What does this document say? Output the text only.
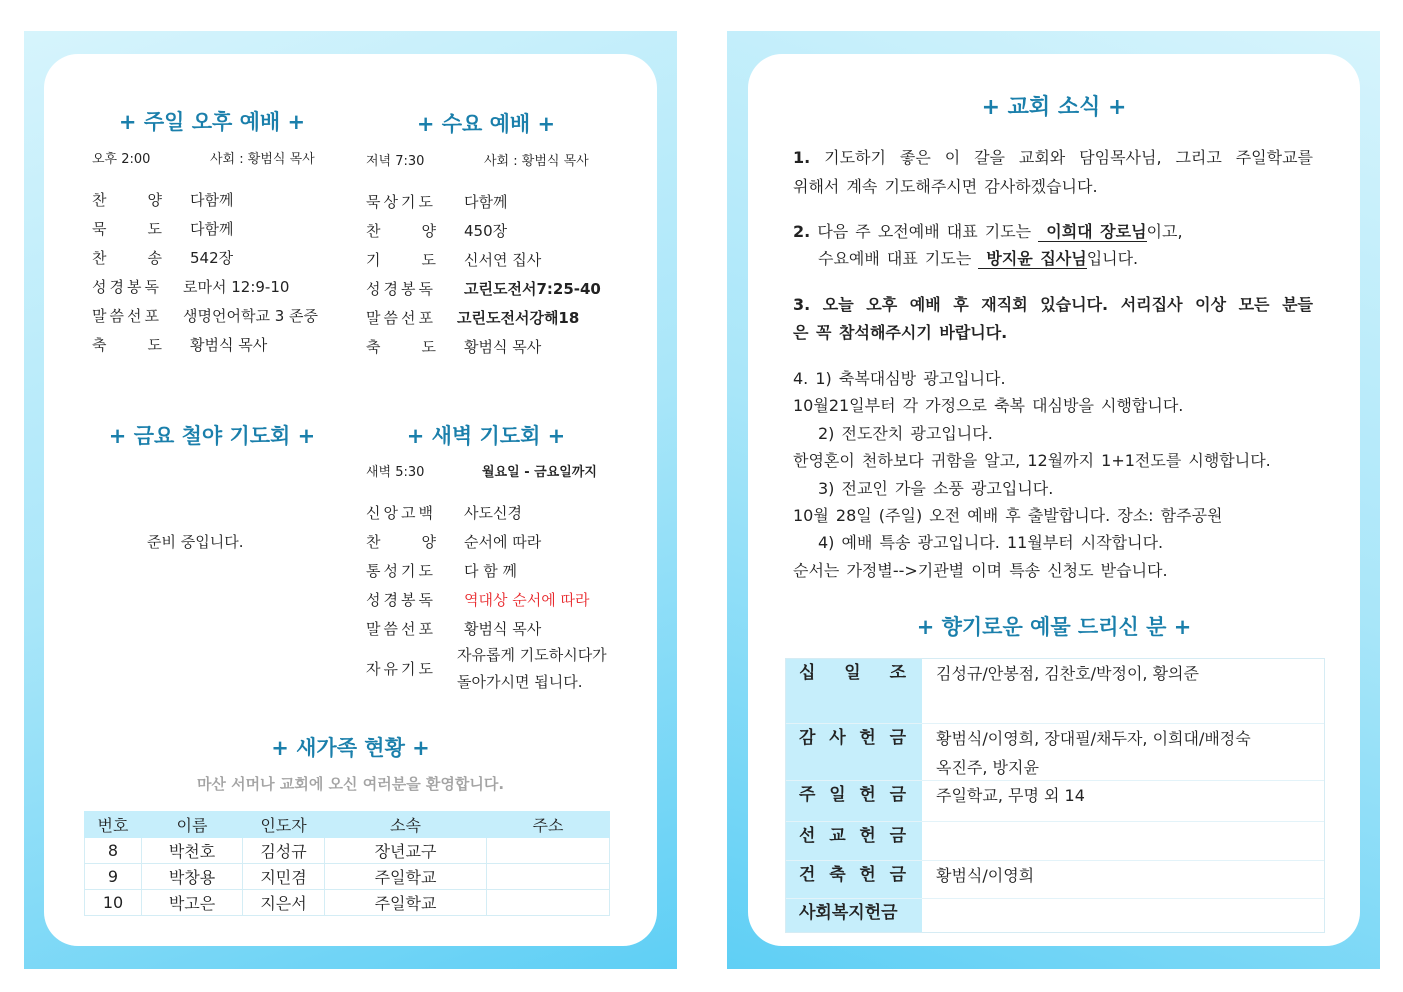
+ 주일 오후 예배 +
오후 2:00	사회 : 황범식 목사
찬 양 다함께
묵 도 다함께
찬 송 542장
성경봉독 로마서 12:9-10
말씀선포 생명언어학교 3 존중
축 도 황범식 목사
+ 수요 예배 +
저녁 7:30	사회 : 황범식 목사
묵상기도 다함께
찬 양 450장
기 도 신서연 집사
성경봉독 고린도전서7:25-40
말씀선포 고린도전서강해18
축 도 황범식 목사
+ 금요 철야 기도회 +
준비 중입니다.
+ 새벽 기도회 +
새벽 5:30	월요일 - 금요일까지
신앙고백 사도신경
찬 양 순서에 따라
통성기도 다 함 께
성경봉독 역대상 순서에 따라
말씀선포 황범식 목사
자유기도
자유롭게 기도하시다가
돌아가시면 됩니다.
+ 새가족 현황 +
마산 서머나 교회에 오신 여러분을 환영합니다.
번호	이름	인도자	소속	주소
8	박천호	김성규	장년교구	
9	박창용	지민겸	주일학교	
10	박고은	지은서	주일학교	
+ 교회 소식 +
1. 기도하기 좋은 이 갈을 교회와 담임목사님, 그리고 주일학교를
위해서 계속 기도해주시면 감사하겠습니다.
2. 다음 주 오전예배 대표 기도는 이희대 장로님이고,
수요예배 대표 기도는 방지윤 집사님입니다.
3. 오늘 오후 예배 후 재직회 있습니다. 서리집사 이상 모든 분들
은 꼭 참석해주시기 바랍니다.
4. 1) 축복대심방 광고입니다.
10월21일부터 각 가정으로 축복 대심방을 시행합니다.
2) 전도잔치 광고입니다.
한영혼이 천하보다 귀함을 알고, 12월까지 1+1전도를 시행합니다.
3) 전교인 가을 소풍 광고입니다.
10월 28일 (주일) 오전 예배 후 출발합니다. 장소: 함주공원
4) 예배 특송 광고입니다. 11월부터 시작합니다.
순서는 가정별-->기관별 이며 특송 신청도 받습니다.
+ 향기로운 예물 드리신 분 +
십 일 조	김성규/안봉점, 김찬호/박정이, 황의준
감 사 헌 금	황범식/이영희, 장대필/채두자, 이희대/배정숙
옥진주, 방지윤
주 일 헌 금	주일학교, 무명 외 14
선 교 헌 금
건 축 헌 금	황범식/이영희
사회복지헌금
